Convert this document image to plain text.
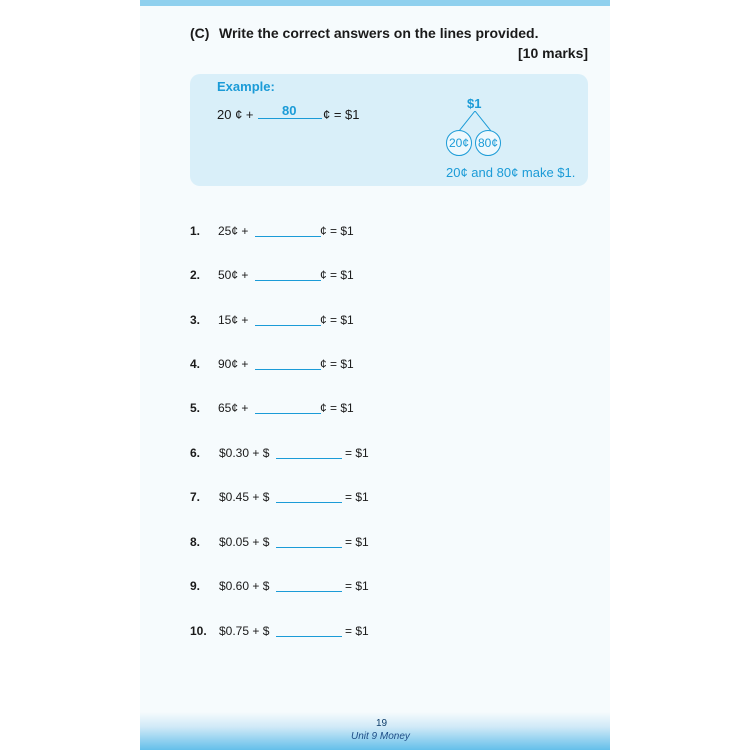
(C) Write the correct answers on the lines provided.
[10 marks]
Example:
20 ¢ + 80 ¢ = $1
$1
20¢ 80¢
20¢ and 80¢ make $1.
1. 25¢ +	¢ = $1
2. 50¢ +	¢ = $1
3. 15¢ +	¢ = $1
4. 90¢ +	¢ = $1
5. 65¢ +	¢ = $1
6. $0.30 + $	= $1
7. $0.45 + $	= $1
8. $0.05 + $	= $1
9. $0.60 + $	= $1
10. $0.75 + $	= $1
19
Unit 9 Money
